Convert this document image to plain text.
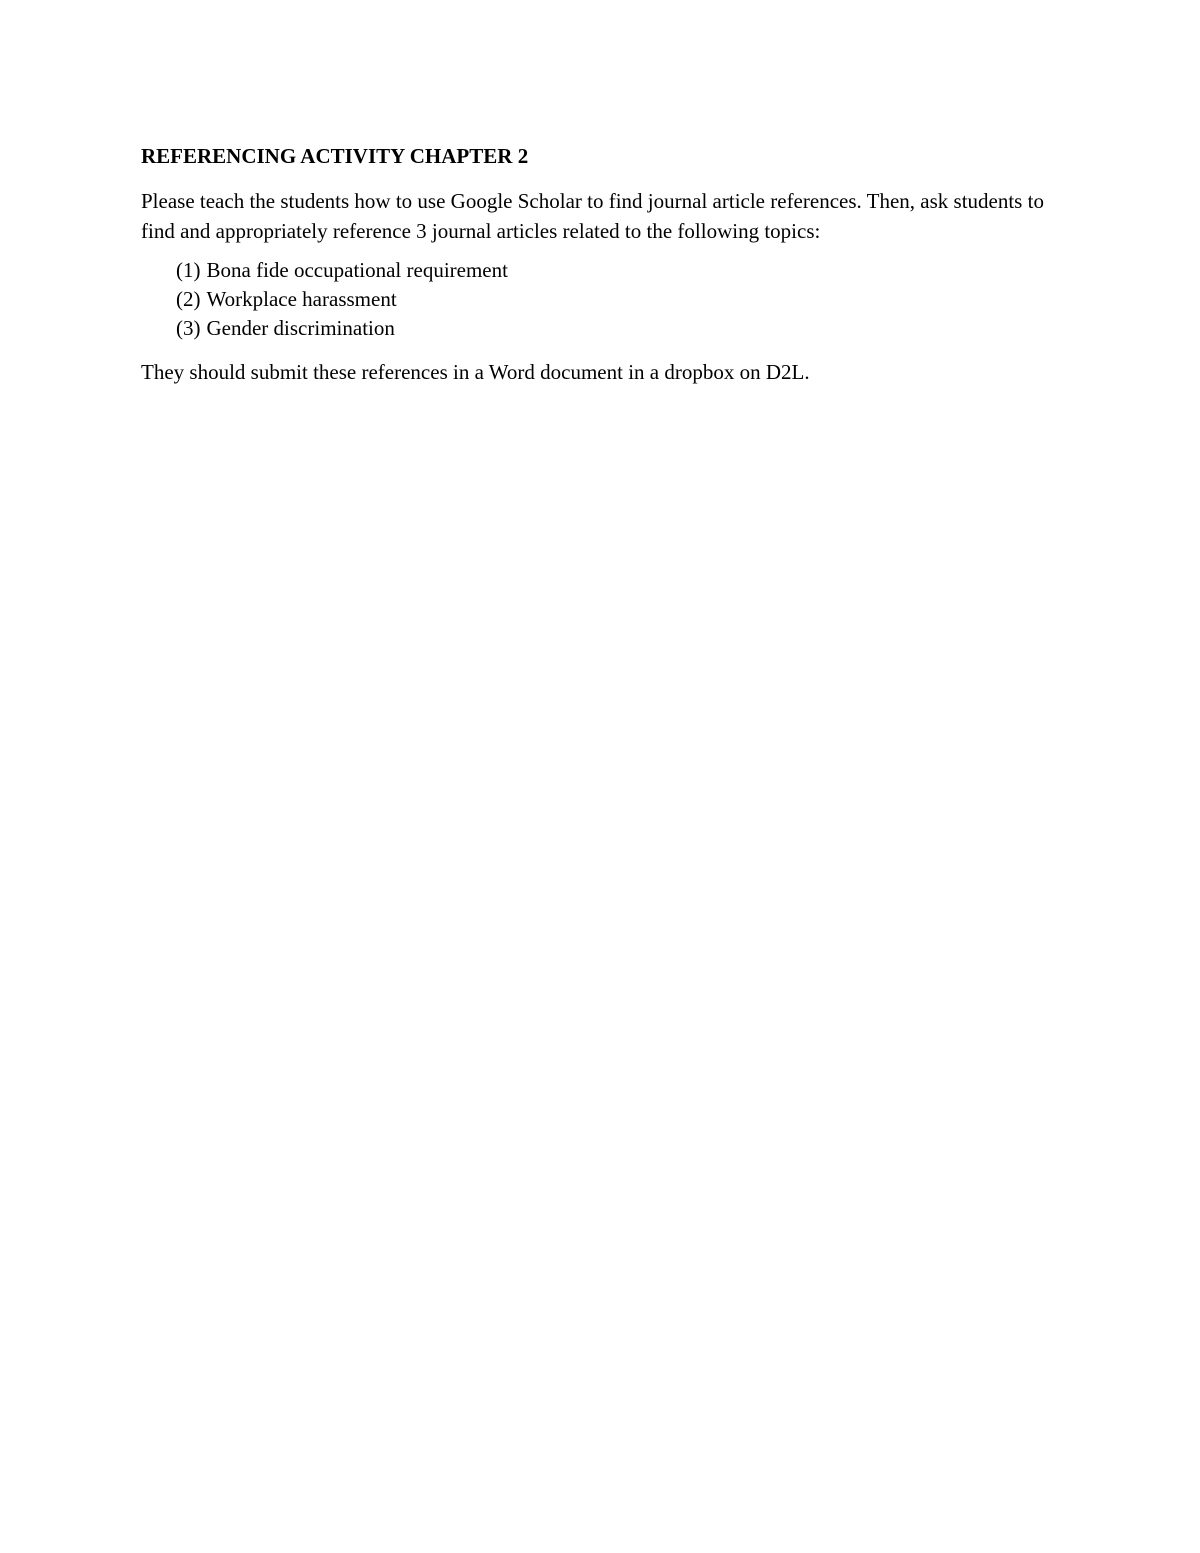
REFERENCING ACTIVITY CHAPTER 2

Please teach the students how to use Google Scholar to find journal article references. Then, ask students to find and appropriately reference 3 journal articles related to the following topics:

(1) Bona fide occupational requirement
(2) Workplace harassment
(3) Gender discrimination

They should submit these references in a Word document in a dropbox on D2L.
